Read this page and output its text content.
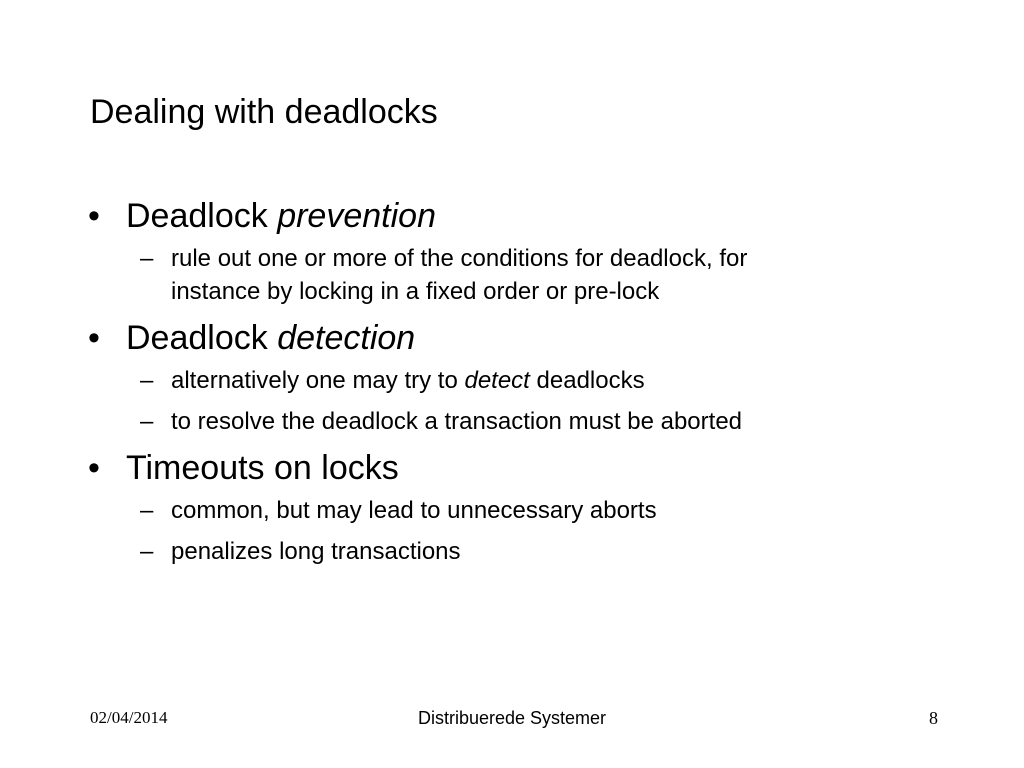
Dealing with deadlocks
• Deadlock prevention
– rule out one or more of the conditions for deadlock, for
instance by locking in a fixed order or pre-lock
• Deadlock detection
– alternatively one may try to detect deadlocks
– to resolve the deadlock a transaction must be aborted
• Timeouts on locks
– common, but may lead to unnecessary aborts
– penalizes long transactions
02/04/2014	Distribuerede Systemer	8
